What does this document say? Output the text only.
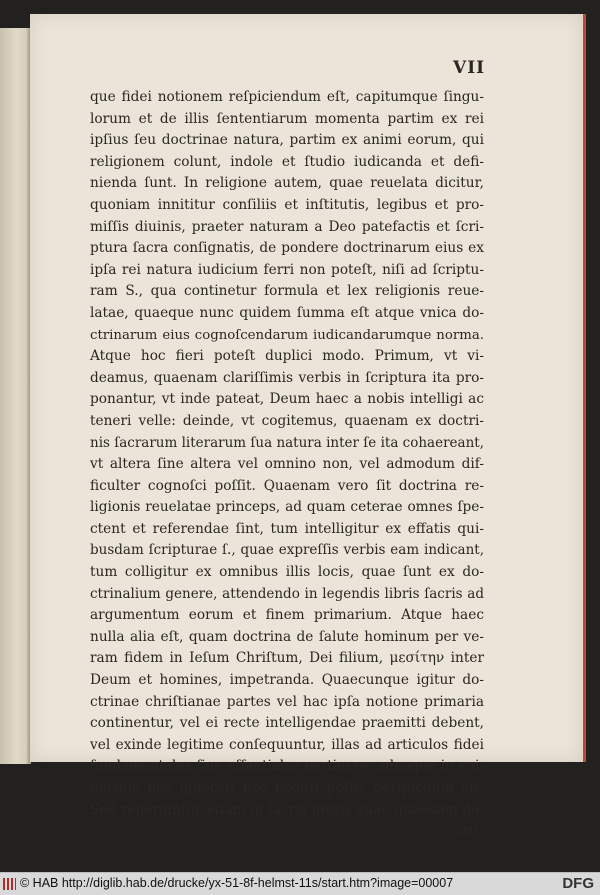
VII
que fidei notionem reſpiciendum eſt, capitumque ſingu-
lorum et de illis ſententiarum momenta partim ex rei
ipſius ſeu doctrinae natura, partim ex animi eorum, qui
religionem colunt, indole et ſtudio iudicanda et defi-
nienda ſunt. In religione autem, quae reuelata dicitur,
quoniam innititur conſiliis et inſtitutis, legibus et pro-
miſſis diuinis, praeter naturam a Deo patefactis et ſcri-
ptura ſacra conſignatis, de pondere doctrinarum eius ex
ipſa rei natura iudicium ferri non poteſt, niſi ad ſcriptu-
ram S., qua continetur formula et lex religionis reue-
latae, quaeque nunc quidem ſumma eſt atque vnica do-
ctrinarum eius cognoſcendarum iudicandarumque norma.
Atque hoc fieri poteſt duplici modo. Primum, vt vi-
deamus, quaenam clariſſimis verbis in ſcriptura ita pro-
ponantur, vt inde pateat, Deum haec a nobis intelligi ac
teneri velle: deinde, vt cogitemus, quaenam ex doctri-
nis ſacrarum literarum ſua natura inter ſe ita cohaereant,
vt altera ſine altera vel omnino non, vel admodum dif-
ficulter cognoſci poſſit. Quaenam vero ſit doctrina re-
ligionis reuelatae princeps, ad quam ceterae omnes ſpe-
ctent et referendae ſint, tum intelligitur ex effatis qui-
busdam ſcripturae ſ., quae expreſſis verbis eam indicant,
tum colligitur ex omnibus illis locis, quae ſunt ex do-
ctrinalium genere, attendendo in legendis libris ſacris ad
argumentum eorum et finem primarium. Atque haec
nulla alia eſt, quam doctrina de ſalute hominum per ve-
ram fidem in Ieſum Chriſtum, Dei filium, μεσίτην inter
Deum et homines, impetranda. Quaecunque igitur do-
ctrinae chriſtianae partes vel hac ipſa notione primaria
continentur, vel ei recte intelligendae praemitti debent,
vel exinde legitime conſequuntur, illas ad articulos fidei
fundamentales ſiue eſſentiales pertinere, adeoque in vni-
uerſum nec ignorari nec negari poſſe, perſpicuum eſt.
Sed reperiuntur etiam in ſacris literis aliae quaedam do-
ctri-
© HAB http://diglib.hab.de/drucke/yx-51-8f-helmst-11s/start.htm?image=00007	DFG
